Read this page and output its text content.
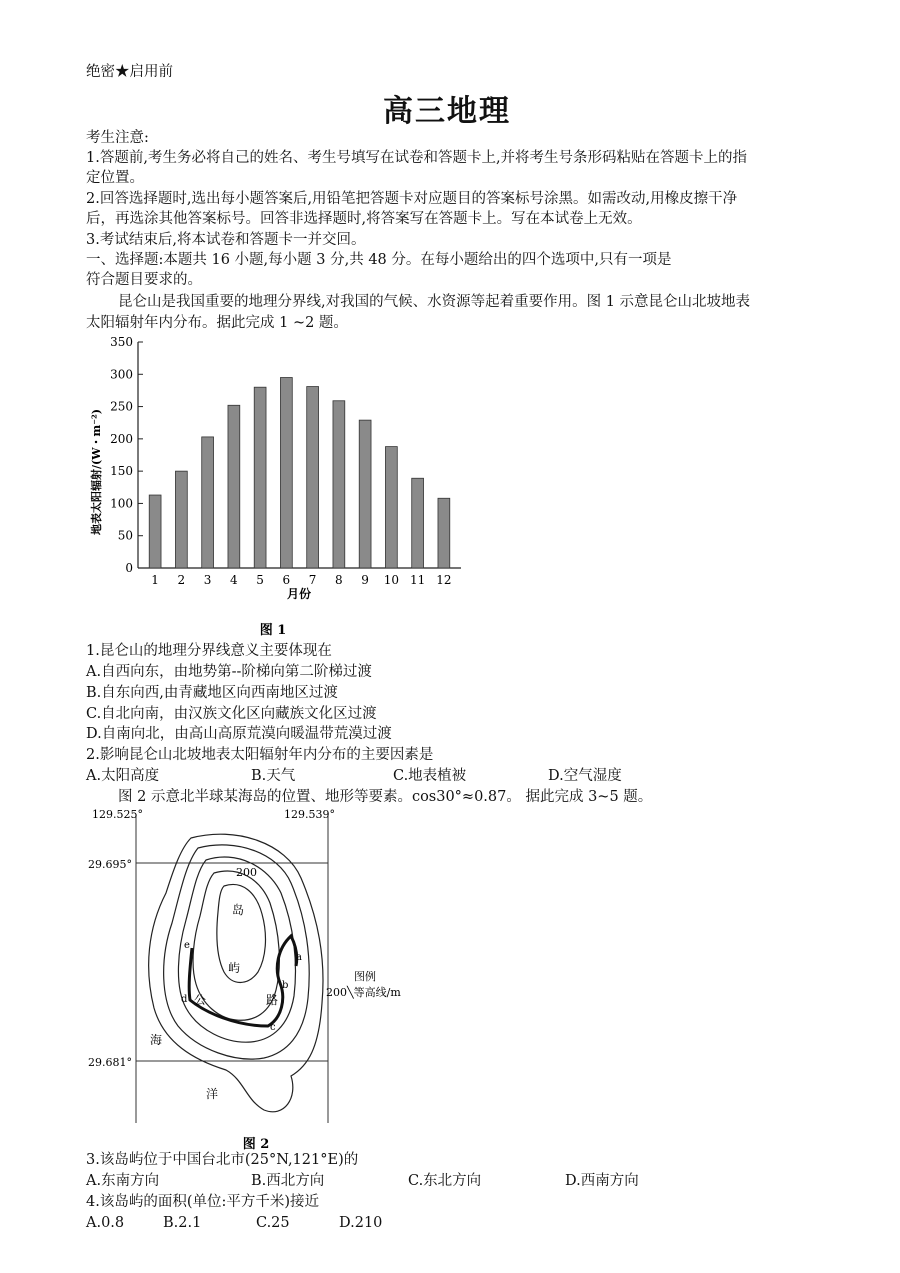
绝密★启用前
高三地理
考生注意:
1.答题前,考生务必将自己的姓名、考生号填写在试卷和答题卡上,并将考生号条形码粘贴在答题卡上的指
定位置。
2.回答选择题时,选出每小题答案后,用铅笔把答题卡对应题目的答案标号涂黑。如需改动,用橡皮擦干净
后，再选涂其他答案标号。回答非选择题时,将答案写在答题卡上。写在本试卷上无效。
3.考试结束后,将本试卷和答题卡一并交回。
一、选择题:本题共 16 小题,每小题 3 分,共 48 分。在每小题给出的四个选项中,只有一项是
符合题目要求的。
昆仑山是我国重要的地理分界线,对我国的气候、水资源等起着重要作用。图 1 示意昆仑山北坡地表
太阳辐射年内分布。据此完成 1 ~2 题。
0
50
100
150
200
250
300
350
1 2 3 4 5 6 7 8 9 10 11 12
地表太阳辐射/(W・m⁻²)
月份
图 1
1.昆仑山的地理分界线意义主要体现在
A.自西向东，由地势第--阶梯向第二阶梯过渡
B.自东向西,由青藏地区向西南地区过渡
C.自北向南，由汉族文化区向藏族文化区过渡
D.自南向北，由高山高原荒漠向暖温带荒漠过渡
2.影响昆仑山北坡地表太阳辐射年内分布的主要因素是
A.太阳高度	B.天气	C.地表植被	D.空气湿度
图 2 示意北半球某海岛的位置、地形等要素。cos30°≈0.87。 据此完成 3~5 题。
129.525°	129.539°
29.695°
29.681°
200
岛
屿
公	路
海
洋
a
b
c
d
e
图例
200╲等高线/m
图 2
3.该岛屿位于中国台北市(25°N,121°E)的
A.东南方向	B.西北方向	C.东北方向	D.西南方向
4.该岛屿的面积(单位:平方千米)接近
A.0.8	B.2.1	C.25	D.210
